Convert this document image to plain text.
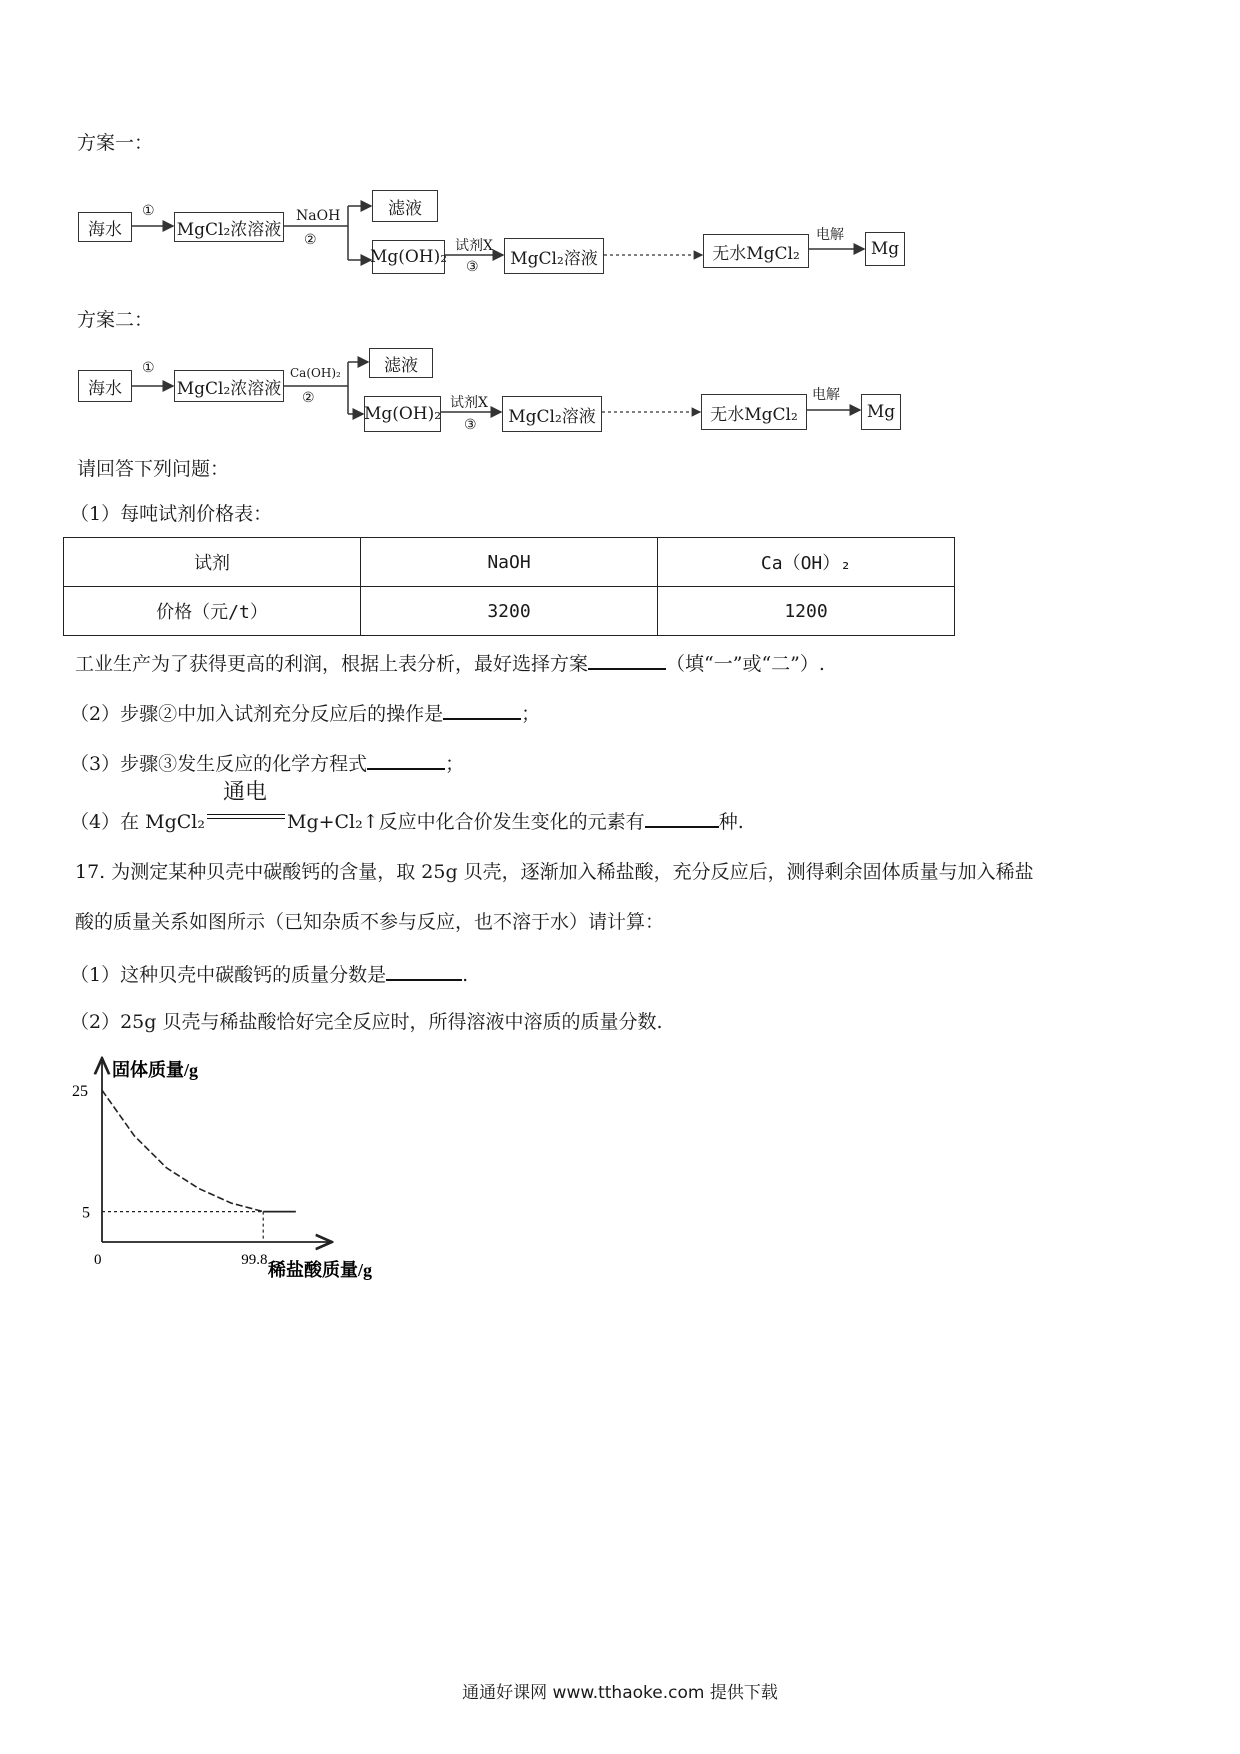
方案一：
海水
①
MgCl₂浓溶液
NaOH
②
滤液
Mg(OH)₂
试剂X
③	MgCl₂溶液	无水MgCl₂
电解
Mg
方案二：
海水
①
MgCl₂浓溶液
Ca(OH)₂
②
滤液
Mg(OH)₂
试剂X
③	MgCl₂溶液	无水MgCl₂
电解
Mg
请回答下列问题：
（1）每吨试剂价格表：
试剂	NaOH	Ca（OH）₂
价格（元/t）	3200	1200
工业生产为了获得更高的利润，根据上表分析，最好选择方案	（填“一”或“二”）.
（2）步骤②中加入试剂充分反应后的操作是	；
（3）步骤③发生反应的化学方程式	；
（4）在 MgCl₂
通电
Mg+Cl₂↑反应中化合价发生变化的元素有	种.
17. 为测定某种贝壳中碳酸钙的含量，取 25g 贝壳，逐渐加入稀盐酸，充分反应后，测得剩余固体质量与加入稀盐
酸的质量关系如图所示（已知杂质不参与反应，也不溶于水）请计算：
（1）这种贝壳中碳酸钙的质量分数是	.
（2）25g 贝壳与稀盐酸恰好完全反应时，所得溶液中溶质的质量分数.
固体质量/g
稀盐酸质量/g
0	99.8
25
5
通通好课网 www.tthaoke.com 提供下载
